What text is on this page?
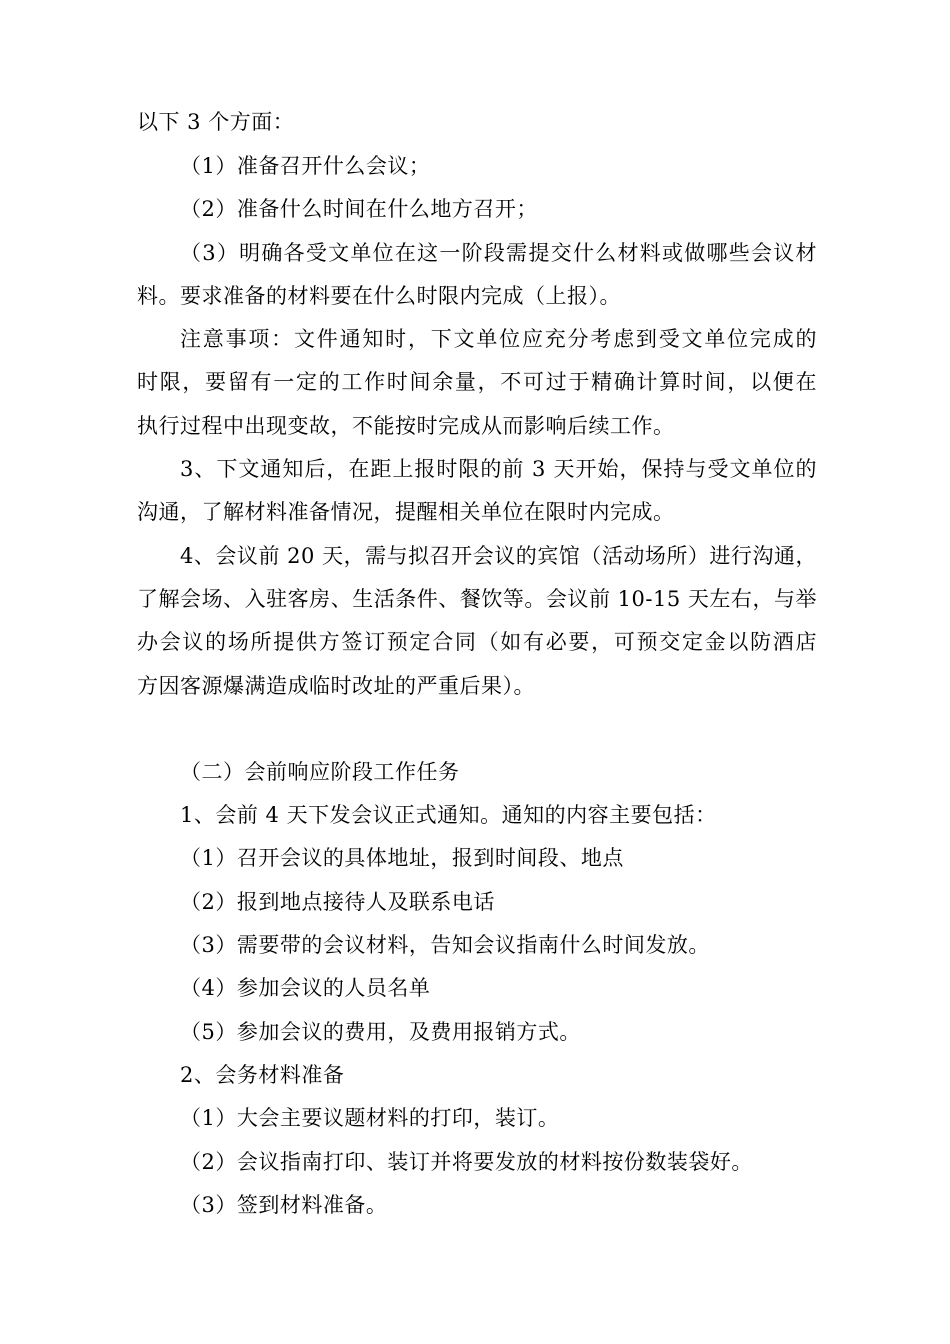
以下 3 个方面：
（1）准备召开什么会议；
（2）准备什么时间在什么地方召开；
（3）明确各受文单位在这一阶段需提交什么材料或做哪些会议材
料。要求准备的材料要在什么时限内完成（上报）。
注意事项：文件通知时，下文单位应充分考虑到受文单位完成的
时限，要留有一定的工作时间余量，不可过于精确计算时间，以便在
执行过程中出现变故，不能按时完成从而影响后续工作。
3、下文通知后，在距上报时限的前 3 天开始，保持与受文单位的
沟通，了解材料准备情况，提醒相关单位在限时内完成。
4、会议前 20 天，需与拟召开会议的宾馆（活动场所）进行沟通，
了解会场、入驻客房、生活条件、餐饮等。会议前 10-15 天左右，与举
办会议的场所提供方签订预定合同（如有必要，可预交定金以防酒店
方因客源爆满造成临时改址的严重后果）。
（二）会前响应阶段工作任务
1、会前 4 天下发会议正式通知。通知的内容主要包括：
（1）召开会议的具体地址，报到时间段、地点
（2）报到地点接待人及联系电话
（3）需要带的会议材料，告知会议指南什么时间发放。
（4）参加会议的人员名单
（5）参加会议的费用，及费用报销方式。
2、会务材料准备
（1）大会主要议题材料的打印，装订。
（2）会议指南打印、装订并将要发放的材料按份数装袋好。
（3）签到材料准备。
